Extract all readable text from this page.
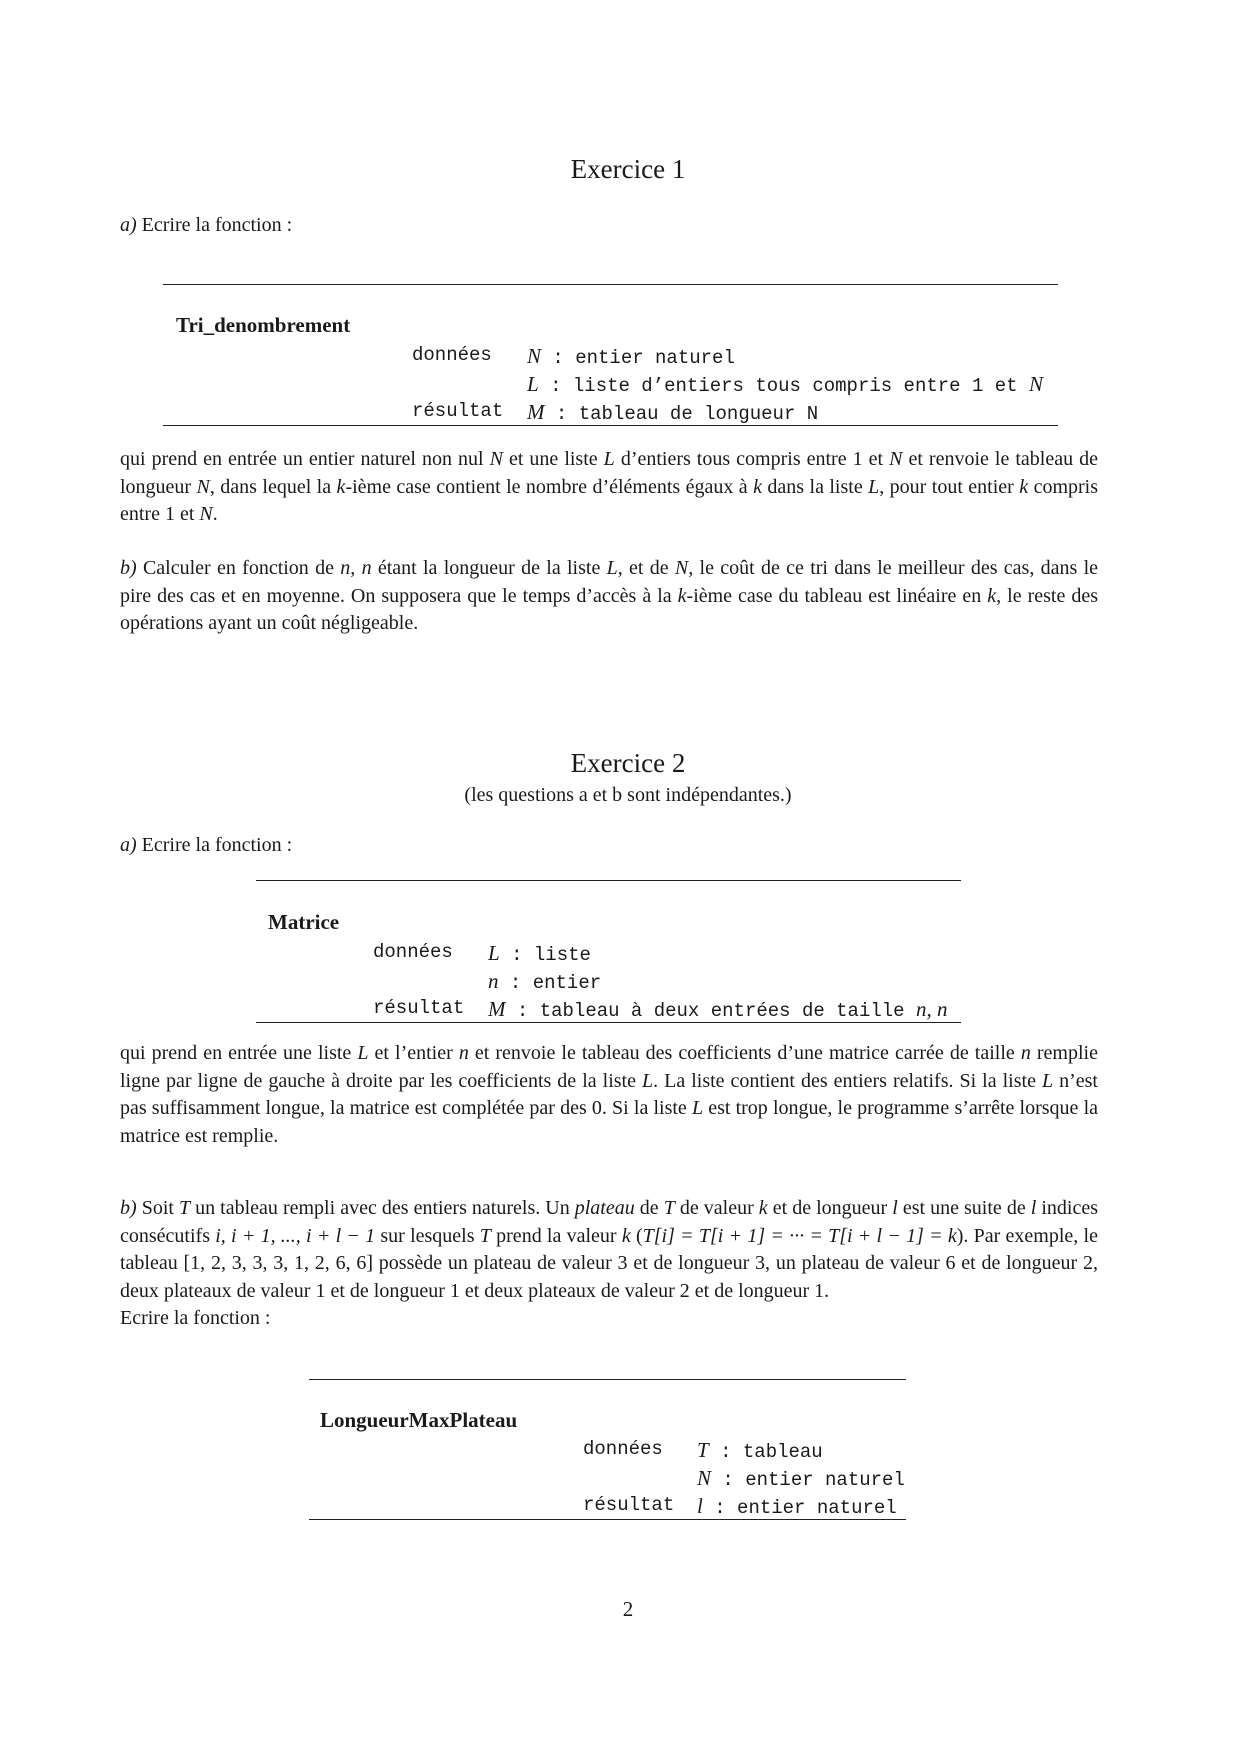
Exercice 1
a) Ecrire la fonction :
Tri_denombrement
données N : entier naturel
L : liste d’entiers tous compris entre 1 et N
résultat M : tableau de longueur N
qui prend en entrée un entier naturel non nul N et une liste L d’entiers tous compris entre 1 et N et renvoie le tableau de longueur N, dans lequel la k-ième case contient le nombre d’éléments égaux à k dans la liste L, pour tout entier k compris entre 1 et N.
b) Calculer en fonction de n, n étant la longueur de la liste L, et de N, le coût de ce tri dans le meilleur des cas, dans le pire des cas et en moyenne. On supposera que le temps d’accès à la k-ième case du tableau est linéaire en k, le reste des opérations ayant un coût négligeable.
Exercice 2
(les questions a et b sont indépendantes.)
a) Ecrire la fonction :
Matrice
données L : liste
n : entier
résultat M : tableau à deux entrées de taille n, n
qui prend en entrée une liste L et l’entier n et renvoie le tableau des coefficients d’une matrice carrée de taille n remplie ligne par ligne de gauche à droite par les coefficients de la liste L. La liste contient des entiers relatifs. Si la liste L n’est pas suffisamment longue, la matrice est complétée par des 0. Si la liste L est trop longue, le programme s’arrête lorsque la matrice est remplie.
b) Soit T un tableau rempli avec des entiers naturels. Un plateau de T de valeur k et de longueur l est une suite de l indices consécutifs i, i + 1, ..., i + l − 1 sur lesquels T prend la valeur k (T[i] = T[i + 1] = ··· = T[i + l − 1] = k). Par exemple, le tableau [1, 2, 3, 3, 3, 1, 2, 6, 6] possède un plateau de valeur 3 et de longueur 3, un plateau de valeur 6 et de longueur 2, deux plateaux de valeur 1 et de longueur 1 et deux plateaux de valeur 2 et de longueur 1.
Ecrire la fonction :
LongueurMaxPlateau
données T : tableau
N : entier naturel
résultat l : entier naturel
2
